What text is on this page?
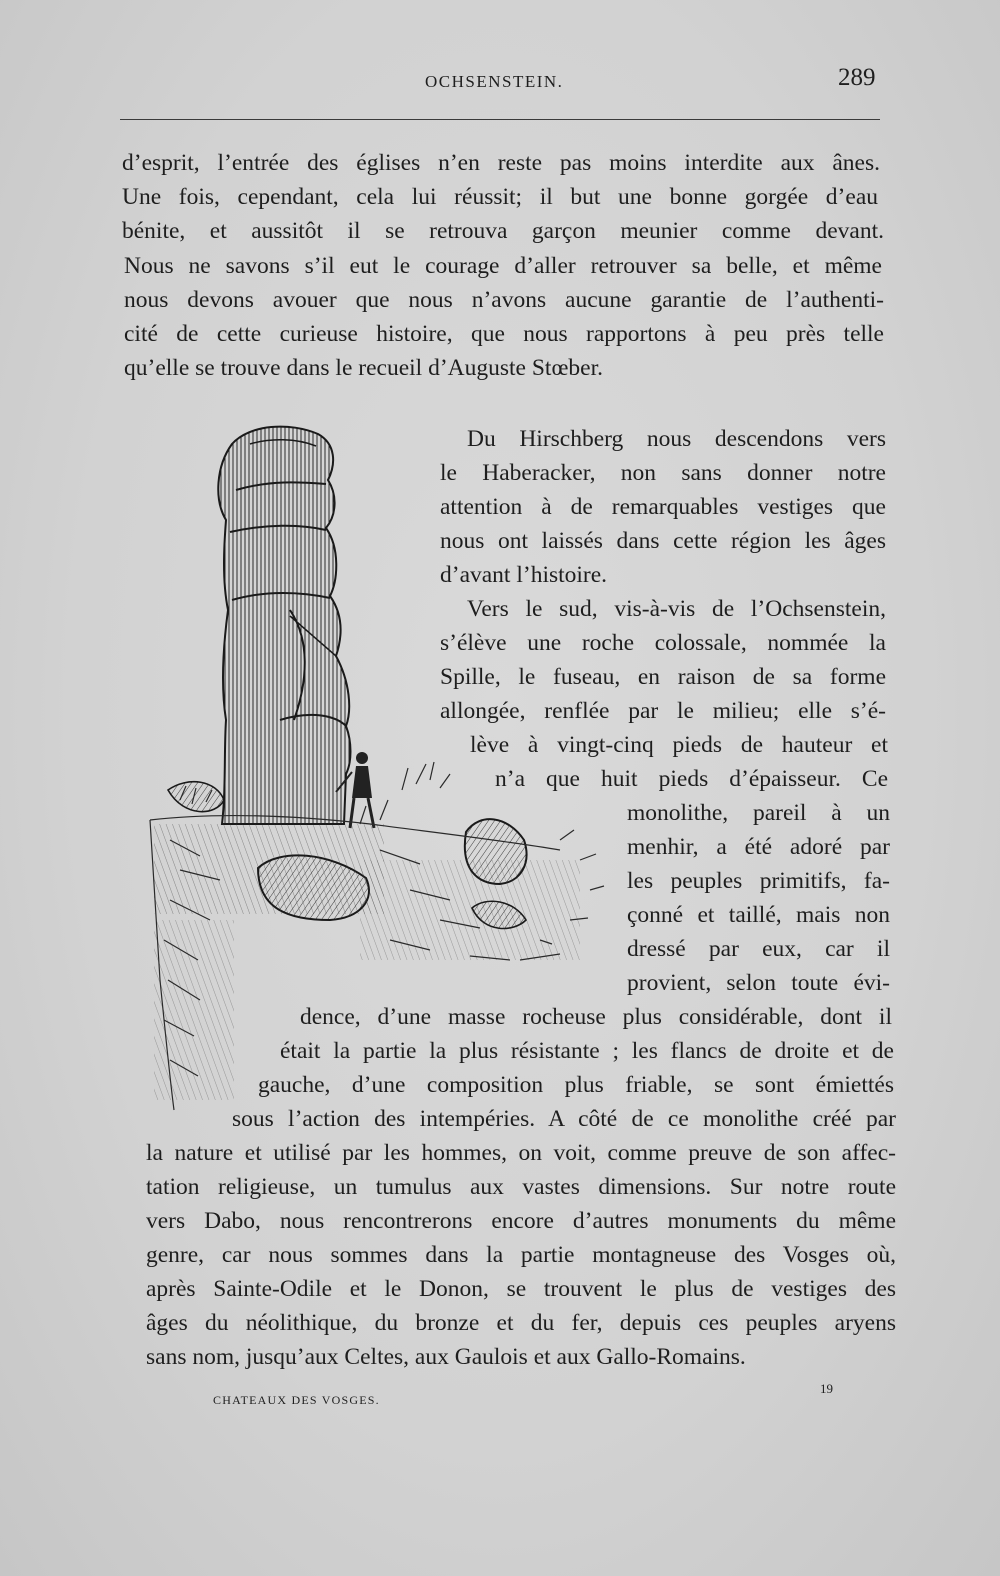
OCHSENSTEIN.	289
d’esprit, l’entrée des églises n’en reste pas moins interdite aux ânes.
Une fois, cependant, cela lui réussit; il but une bonne gorgée d’eau
bénite, et aussitôt il se retrouva garçon meunier comme devant.
Nous ne savons s’il eut le courage d’aller retrouver sa belle, et même
nous devons avouer que nous n’avons aucune garantie de l’authenti-
cité de cette curieuse histoire, que nous rapportons à peu près telle
qu’elle se trouve dans le recueil d’Auguste Stœber.
Du Hirschberg nous descendons vers
le Haberacker, non sans donner notre
attention à de remarquables vestiges que
nous ont laissés dans cette région les âges
d’avant l’histoire.
Vers le sud, vis-à-vis de l’Ochsenstein,
s’élève une roche colossale, nommée la
Spille, le fuseau, en raison de sa forme
allongée, renflée par le milieu; elle s’é-
lève à vingt-cinq pieds de hauteur et
n’a que huit pieds d’épaisseur. Ce
monolithe, pareil à un
menhir, a été adoré par
les peuples primitifs, fa-
çonné et taillé, mais non
dressé par eux, car il
provient, selon toute évi-
dence, d’une masse rocheuse plus considérable, dont il
était la partie la plus résistante ; les flancs de droite et de
gauche, d’une composition plus friable, se sont émiettés
sous l’action des intempéries. A côté de ce monolithe créé par
la nature et utilisé par les hommes, on voit, comme preuve de son affec-
tation religieuse, un tumulus aux vastes dimensions. Sur notre route
vers Dabo, nous rencontrerons encore d’autres monuments du même
genre, car nous sommes dans la partie montagneuse des Vosges où,
après Sainte-Odile et le Donon, se trouvent le plus de vestiges des
âges du néolithique, du bronze et du fer, depuis ces peuples aryens
sans nom, jusqu’aux Celtes, aux Gaulois et aux Gallo-Romains.
CHATEAUX DES VOSGES.
19
